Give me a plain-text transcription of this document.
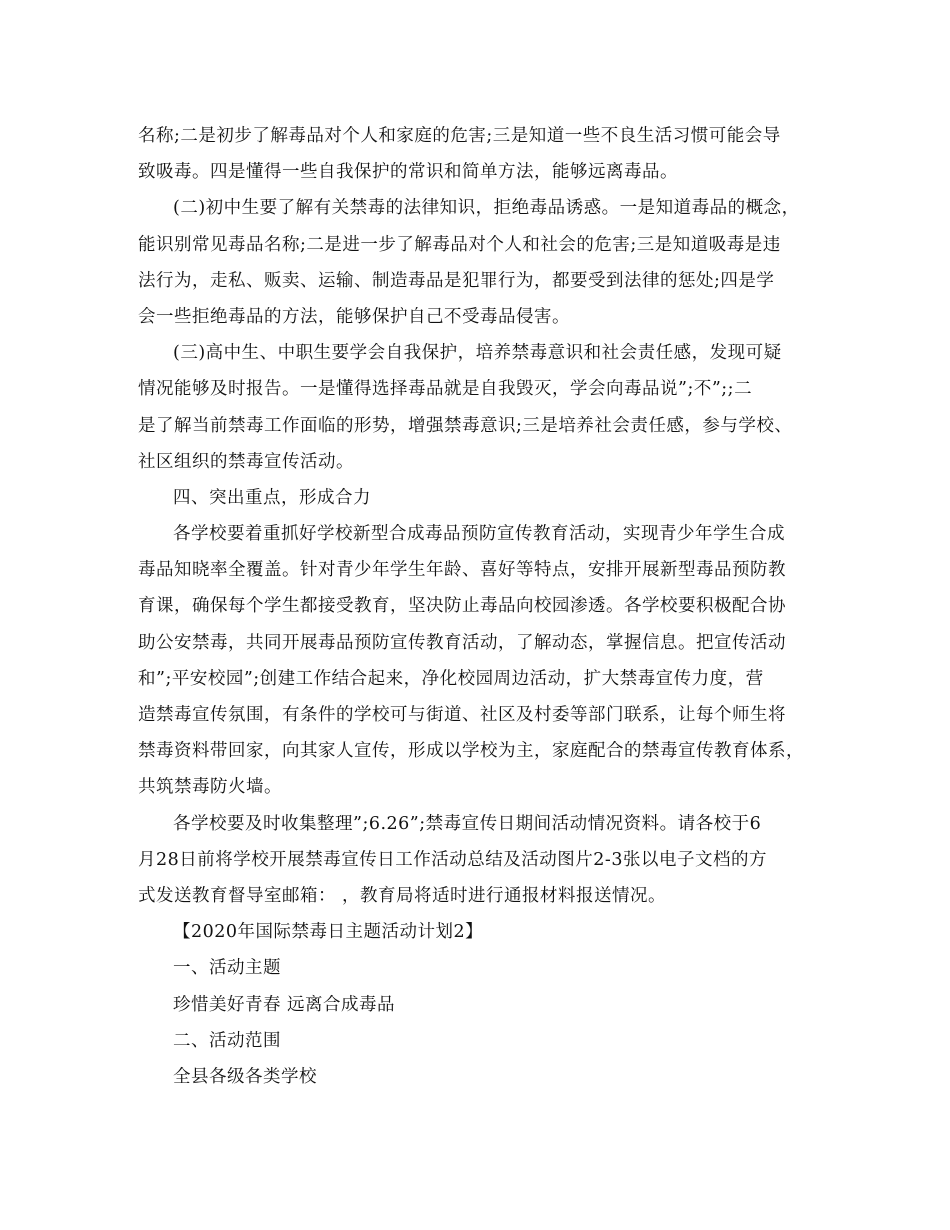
名称;二是初步了解毒品对个人和家庭的危害;三是知道一些不良生活习惯可能会导
致吸毒。四是懂得一些自我保护的常识和简单方法，能够远离毒品。
(二)初中生要了解有关禁毒的法律知识，拒绝毒品诱惑。一是知道毒品的概念，
能识别常见毒品名称;二是进一步了解毒品对个人和社会的危害;三是知道吸毒是违
法行为，走私、贩卖、运输、制造毒品是犯罪行为，都要受到法律的惩处;四是学
会一些拒绝毒品的方法，能够保护自己不受毒品侵害。
(三)高中生、中职生要学会自我保护，培养禁毒意识和社会责任感，发现可疑
情况能够及时报告。一是懂得选择毒品就是自我毁灭，学会向毒品说”;不”;;二
是了解当前禁毒工作面临的形势，增强禁毒意识;三是培养社会责任感，参与学校、
社区组织的禁毒宣传活动。
四、突出重点，形成合力
各学校要着重抓好学校新型合成毒品预防宣传教育活动，实现青少年学生合成
毒品知晓率全覆盖。针对青少年学生年龄、喜好等特点，安排开展新型毒品预防教
育课，确保每个学生都接受教育，坚决防止毒品向校园渗透。各学校要积极配合协
助公安禁毒，共同开展毒品预防宣传教育活动，了解动态，掌握信息。把宣传活动
和”;平安校园”;创建工作结合起来，净化校园周边活动，扩大禁毒宣传力度，营
造禁毒宣传氛围，有条件的学校可与街道、社区及村委等部门联系，让每个师生将
禁毒资料带回家，向其家人宣传，形成以学校为主，家庭配合的禁毒宣传教育体系，
共筑禁毒防火墙。
各学校要及时收集整理”;6.26”;禁毒宣传日期间活动情况资料。请各校于6
月28日前将学校开展禁毒宣传日工作活动总结及活动图片2-3张以电子文档的方
式发送教育督导室邮箱： ，教育局将适时进行通报材料报送情况。
【2020年国际禁毒日主题活动计划2】
一、活动主题
珍惜美好青春 远离合成毒品
二、活动范围
全县各级各类学校
